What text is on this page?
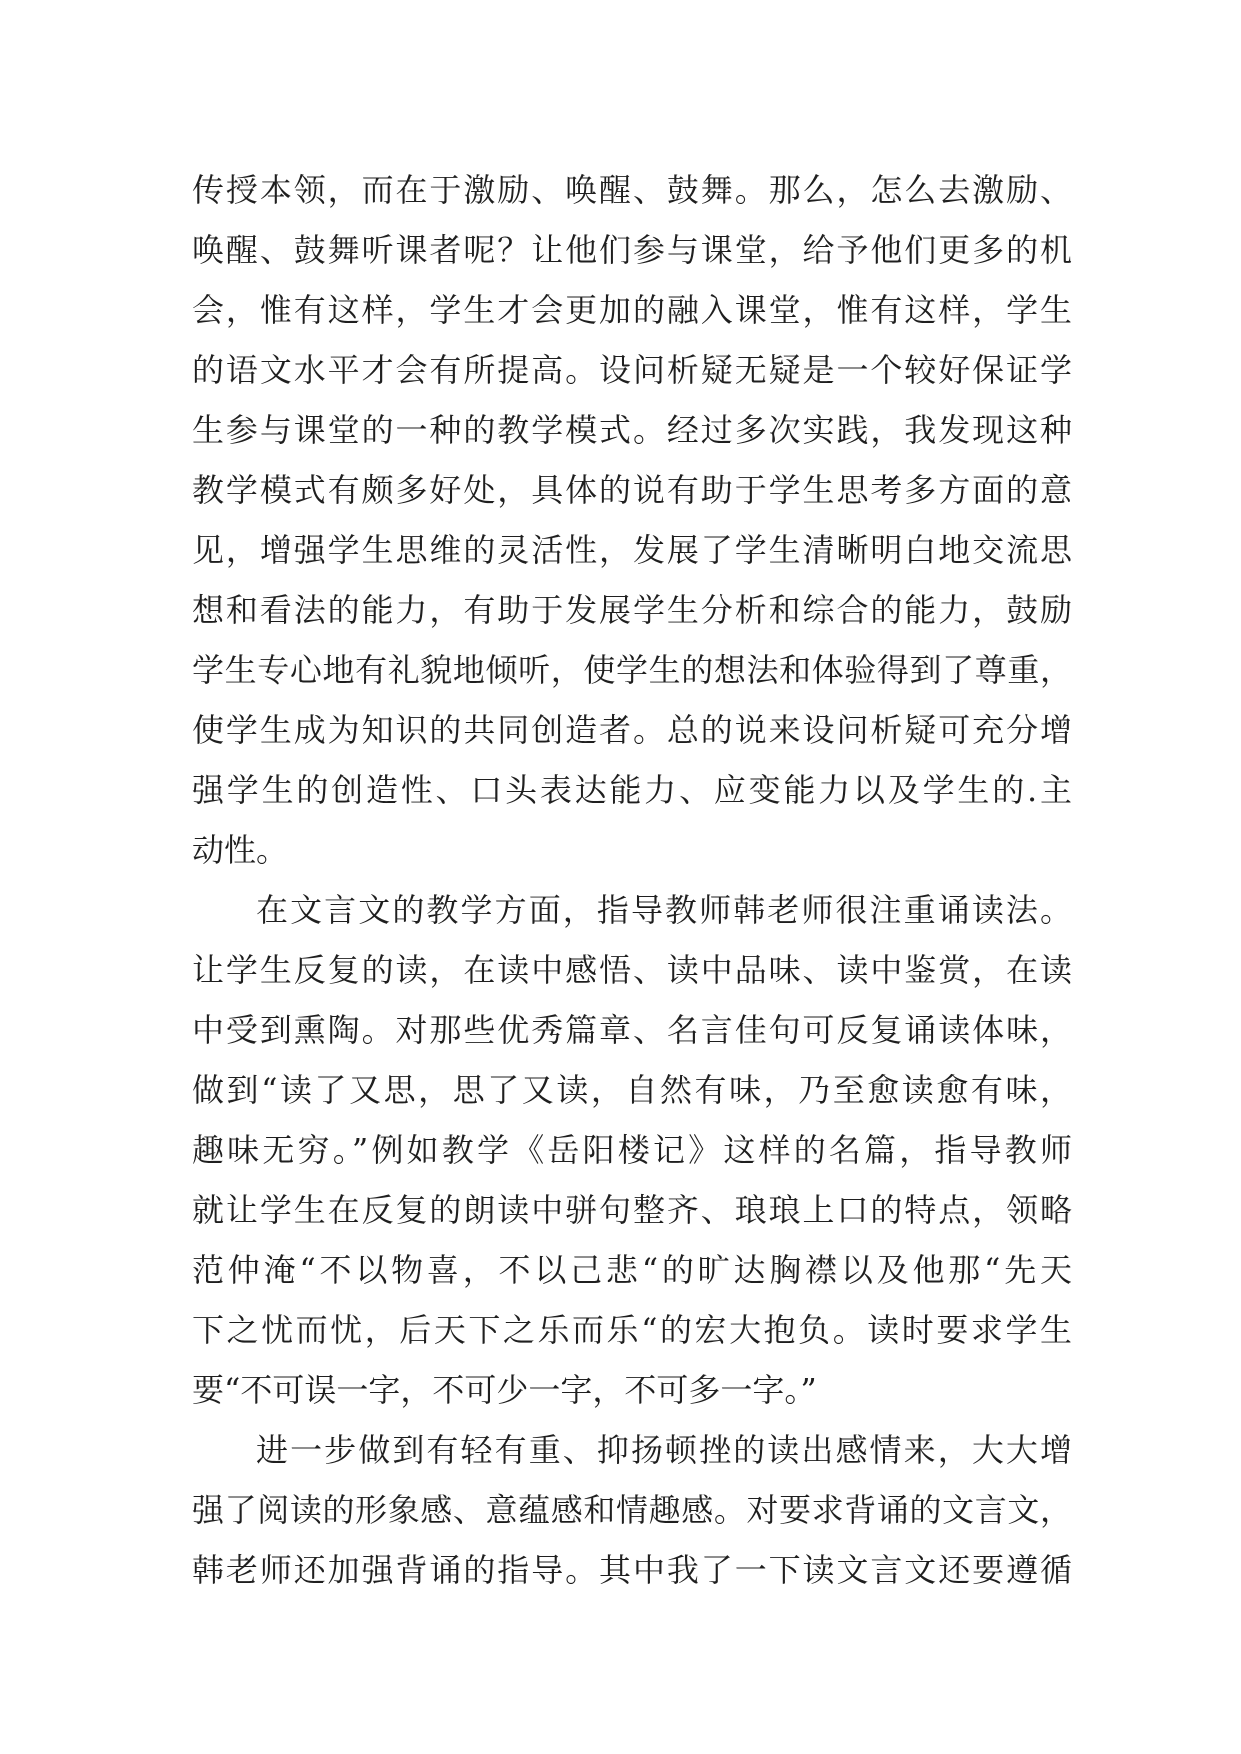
传授本领，而在于激励、唤醒、鼓舞。那么，怎么去激励、
唤醒、鼓舞听课者呢？让他们参与课堂，给予他们更多的机
会，惟有这样，学生才会更加的融入课堂，惟有这样，学生
的语文水平才会有所提高。设问析疑无疑是一个较好保证学
生参与课堂的一种的教学模式。经过多次实践，我发现这种
教学模式有颇多好处，具体的说有助于学生思考多方面的意
见，增强学生思维的灵活性，发展了学生清晰明白地交流思
想和看法的能力，有助于发展学生分析和综合的能力，鼓励
学生专心地有礼貌地倾听，使学生的想法和体验得到了尊重，
使学生成为知识的共同创造者。总的说来设问析疑可充分增
强学生的创造性、口头表达能力、应变能力以及学生的.主
动性。
在文言文的教学方面，指导教师韩老师很注重诵读法。
让学生反复的读，在读中感悟、读中品味、读中鉴赏，在读
中受到熏陶。对那些优秀篇章、名言佳句可反复诵读体味，
做到“读了又思，思了又读，自然有味，乃至愈读愈有味，
趣味无穷。”例如教学《岳阳楼记》这样的名篇，指导教师
就让学生在反复的朗读中骈句整齐、琅琅上口的特点，领略
范仲淹“不以物喜，不以己悲“的旷达胸襟以及他那“先天
下之忧而忧，后天下之乐而乐“的宏大抱负。读时要求学生
要“不可误一字，不可少一字，不可多一字。”
进一步做到有轻有重、抑扬顿挫的读出感情来，大大增
强了阅读的形象感、意蕴感和情趣感。对要求背诵的文言文，
韩老师还加强背诵的指导。其中我了一下读文言文还要遵循
